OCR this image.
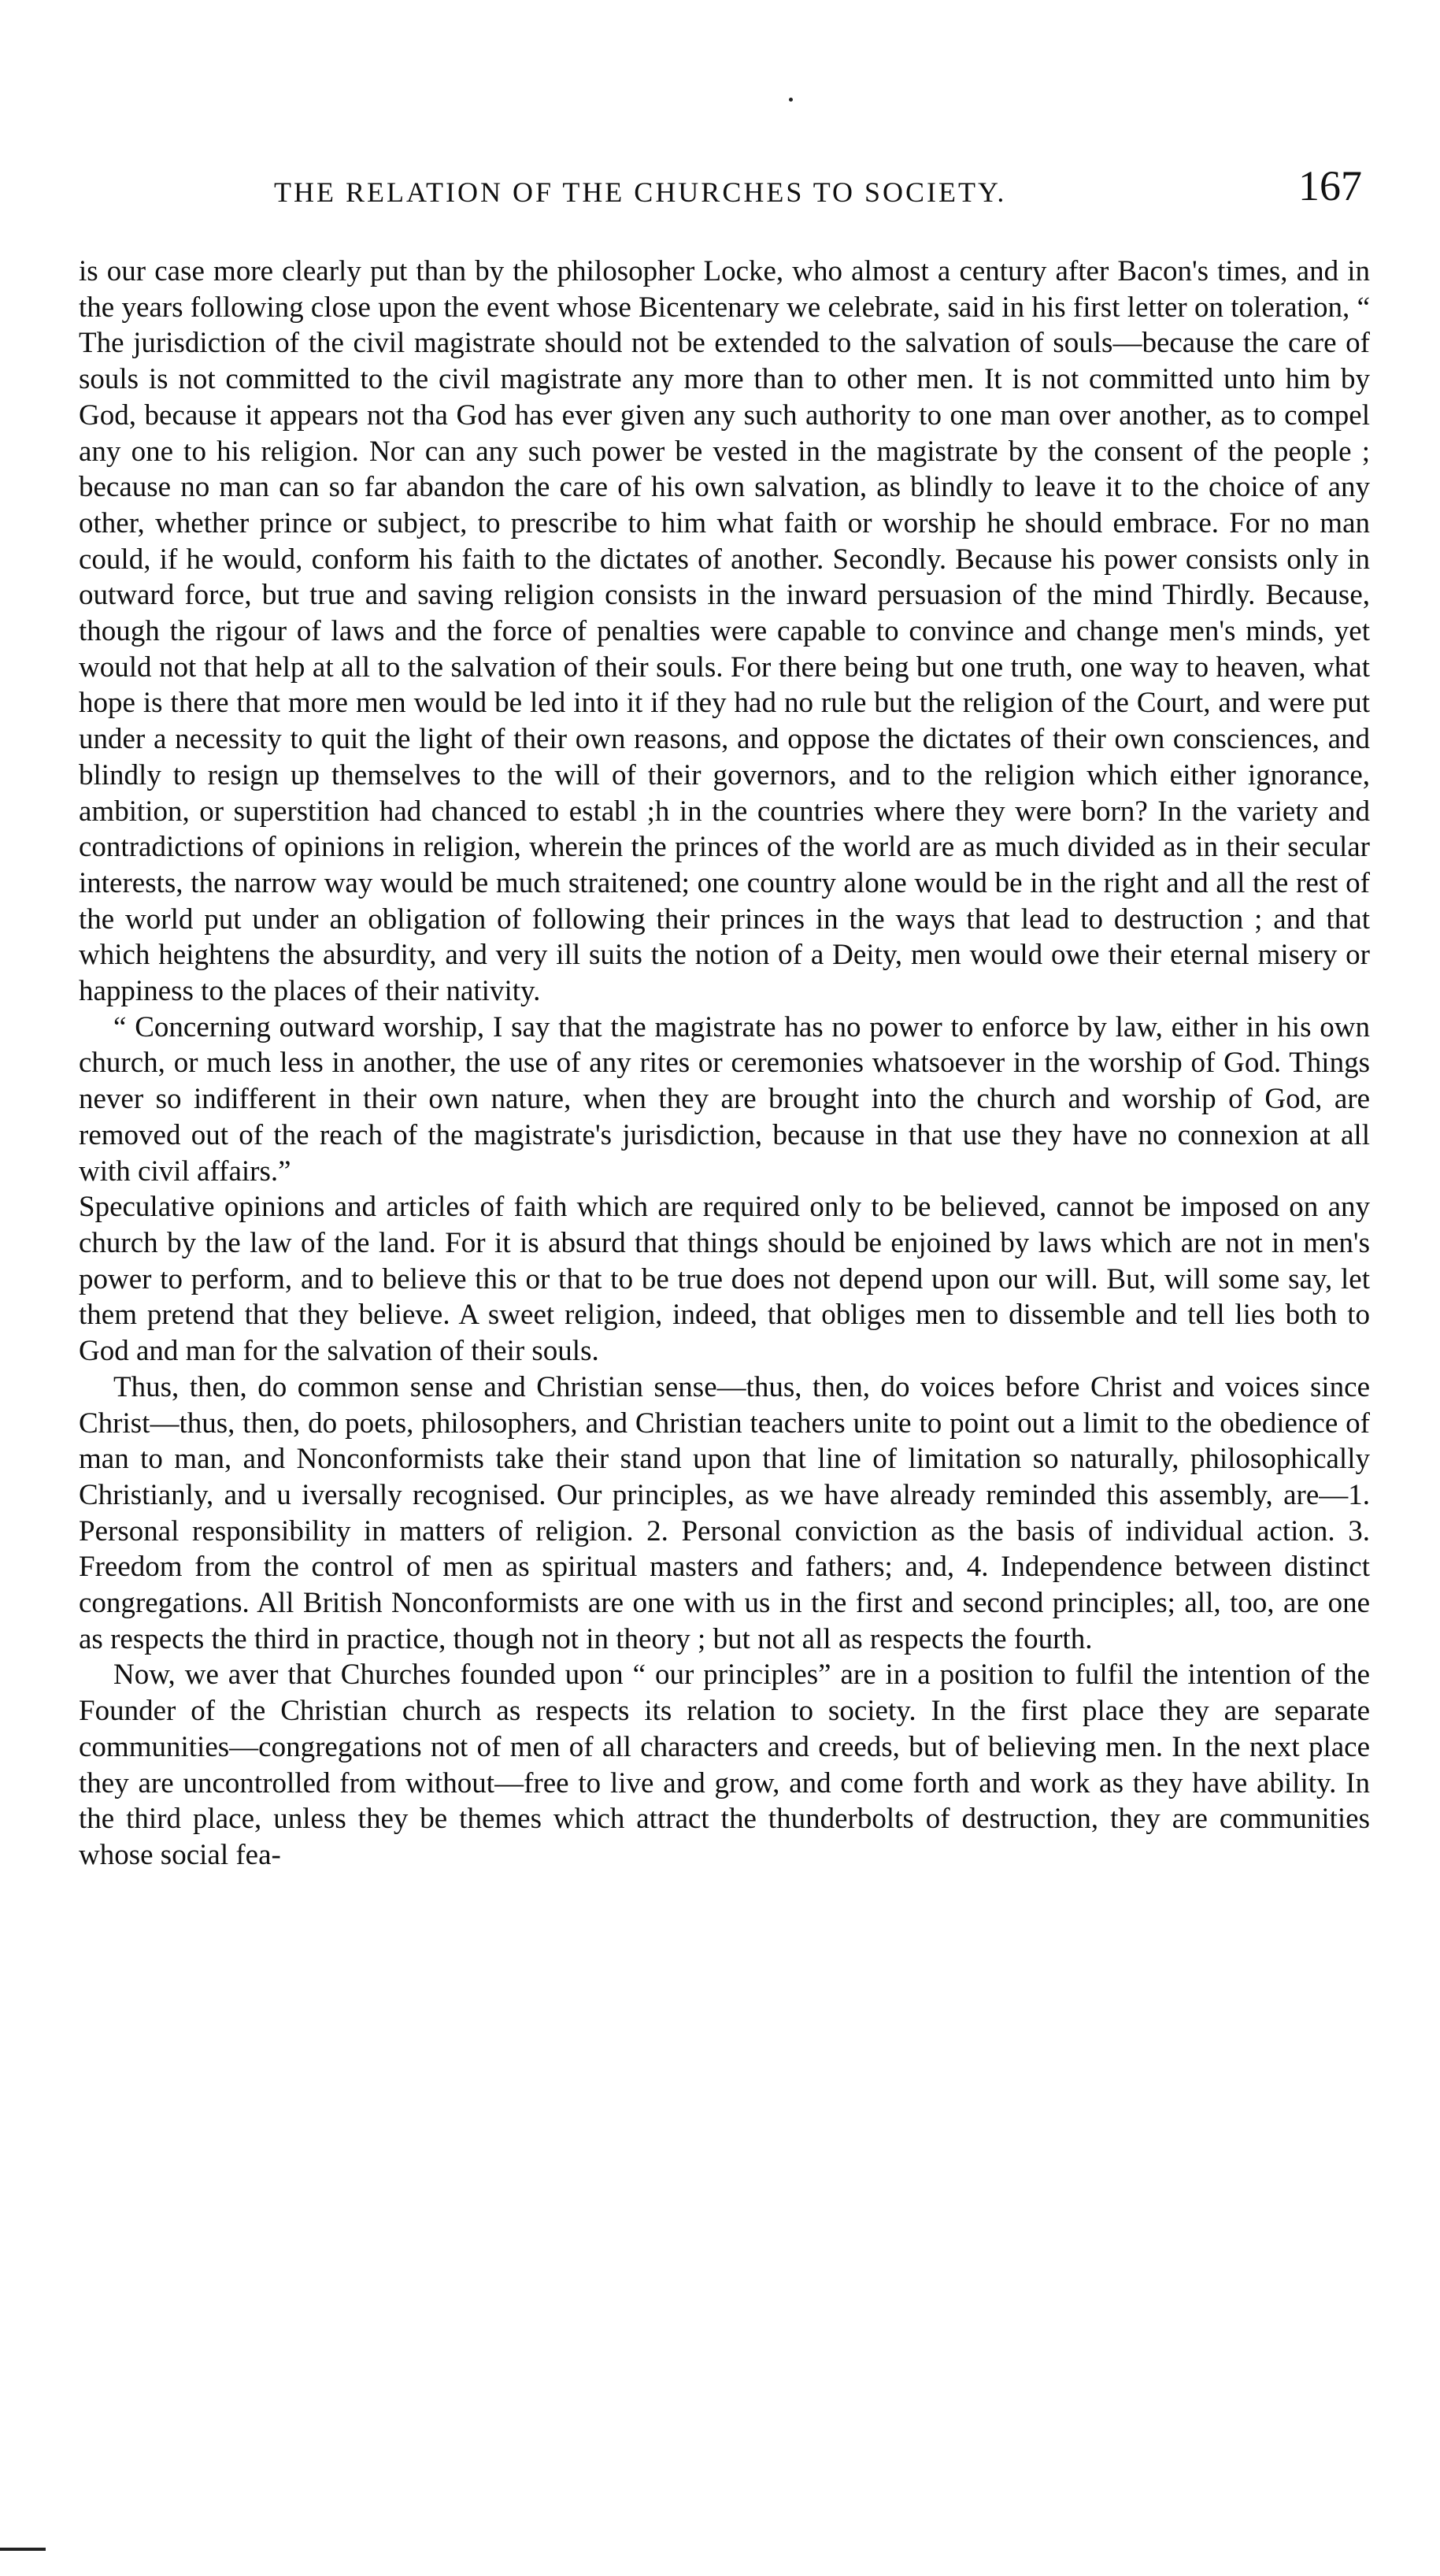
THE RELATION OF THE CHURCHES TO SOCIETY.	167

is our case more clearly put than by the philosopher Locke, who almost a century after Bacon's times, and in the years following close upon the event whose Bicentenary we celebrate, said in his first letter on toleration, “ The jurisdiction of the civil magistrate should not be extended to the salvation of souls—because the care of souls is not committed to the civil magistrate any more than to other men. It is not committed unto him by God, because it appears not tha God has ever given any such authority to one man over another, as to compel any one to his religion. Nor can any such power be vested in the magistrate by the consent of the people ; because no man can so far abandon the care of his own salvation, as blindly to leave it to the choice of any other, whether prince or subject, to prescribe to him what faith or worship he should embrace. For no man could, if he would, conform his faith to the dictates of another. Secondly. Because his power consists only in outward force, but true and saving religion consists in the inward persuasion of the mind Thirdly. Because, though the rigour of laws and the force of penalties were capable to convince and change men's minds, yet would not that help at all to the salvation of their souls. For there being but one truth, one way to heaven, what hope is there that more men would be led into it if they had no rule but the religion of the Court, and were put under a necessity to quit the light of their own reasons, and oppose the dictates of their own consciences, and blindly to resign up themselves to the will of their governors, and to the religion which either ignorance, ambition, or superstition had chanced to establ ;h in the countries where they were born? In the variety and contradictions of opinions in religion, wherein the princes of the world are as much divided as in their secular interests, the narrow way would be much straitened; one country alone would be in the right and all the rest of the world put under an obligation of following their princes in the ways that lead to destruction ; and that which heightens the absurdity, and very ill suits the notion of a Deity, men would owe their eternal misery or happiness to the places of their nativity.

“ Concerning outward worship, I say that the magistrate has no power to enforce by law, either in his own church, or much less in another, the use of any rites or ceremonies whatsoever in the worship of God. Things never so indifferent in their own nature, when they are brought into the church and worship of God, are removed out of the reach of the magistrate's jurisdiction, because in that use they have no connexion at all with civil affairs.”

Speculative opinions and articles of faith which are required only to be believed, cannot be imposed on any church by the law of the land. For it is absurd that things should be enjoined by laws which are not in men's power to perform, and to believe this or that to be true does not depend upon our will. But, will some say, let them pretend that they believe. A sweet religion, indeed, that obliges men to dissemble and tell lies both to God and man for the salvation of their souls.

Thus, then, do common sense and Christian sense—thus, then, do voices before Christ and voices since Christ—thus, then, do poets, philosophers, and Christian teachers unite to point out a limit to the obedience of man to man, and Nonconformists take their stand upon that line of limitation so naturally, philosophically Christianly, and u iversally recognised. Our principles, as we have already reminded this assembly, are—1. Personal responsibility in matters of religion. 2. Personal conviction as the basis of individual action. 3. Freedom from the control of men as spiritual masters and fathers; and, 4. Independence between distinct congregations. All British Nonconformists are one with us in the first and second principles; all, too, are one as respects the third in practice, though not in theory ; but not all as respects the fourth.

Now, we aver that Churches founded upon “ our principles” are in a position to fulfil the intention of the Founder of the Christian church as respects its relation to society. In the first place they are separate communities—congregations not of men of all characters and creeds, but of believing men. In the next place they are uncontrolled from without—free to live and grow, and come forth and work as they have ability. In the third place, unless they be themes which attract the thunderbolts of destruction, they are communities whose social fea-
